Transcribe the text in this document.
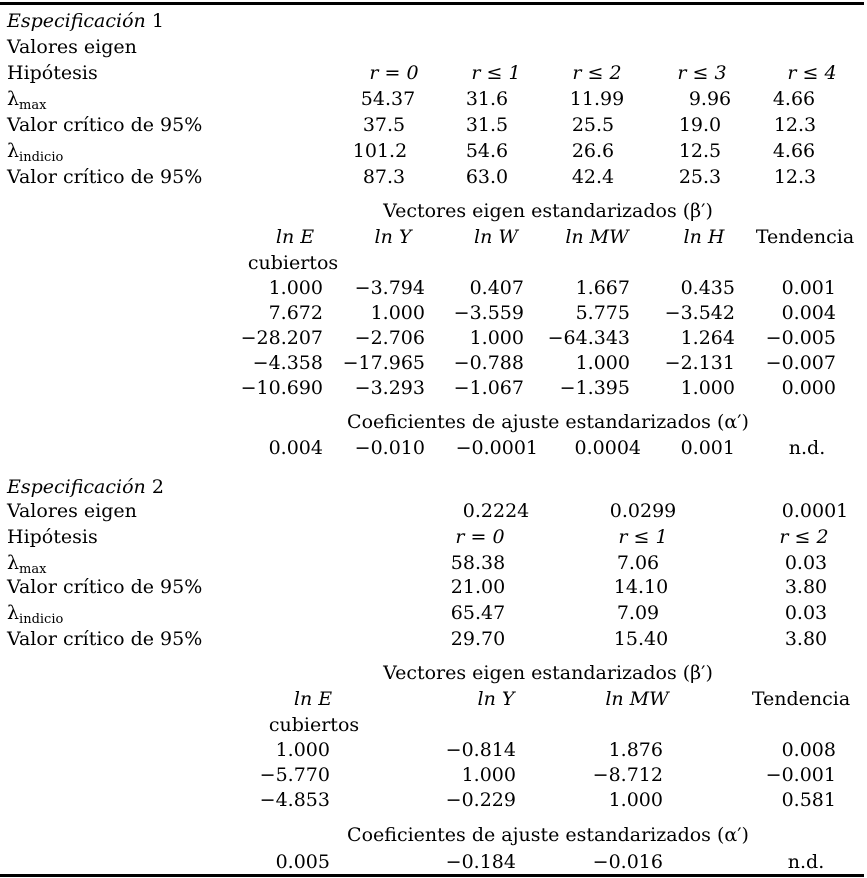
Especificación 1
Valores eigen
Hipótesis	r = 0	r ≤ 1	r ≤ 2	r ≤ 3	r ≤ 4
$\lambda_{max}$	54.37	31.6	11.99	9.96 4.66
Valor crítico de 95%	37.5	31.5	25.5	19.0	12.3
$\lambda_{indicio}$	101.2	54.6	26.6	12.5	4.66
Valor crítico de 95%	87.3	63.0	42.4	25.3	12.3
Vectores eigen estandarizados (β′)
ln E	ln Y	ln W ln MW	ln H Tendencia
cubiertos
1.000 −3.794 0.407	1.667	0.435 0.001
7.672	1.000 −3.559	5.775 −3.542 0.004
−28.207 −2.706 1.000 −64.343	1.264 −0.005
−4.358 −17.965 −0.788	1.000 −2.131 −0.007
−10.690 −3.293 −1.067 −1.395	1.000 0.000
Coeficientes de ajuste estandarizados (α′)
0.004 −0.010 −0.0001 0.0004 0.001	n.d.
Especificación 2
Valores eigen	0.2224	0.0299	0.0001
Hipótesis	r = 0	r ≤ 1	r ≤ 2
$\lambda_{max}$	58.38	7.06	0.03
Valor crítico de 95%	21.00	14.10	3.80
$\lambda_{indicio}$	65.47	7.09	0.03
Valor crítico de 95%	29.70	15.40	3.80
Vectores eigen estandarizados (β′)
ln E	ln Y	ln MW	Tendencia
cubiertos
1.000	−0.814	1.876	0.008
−5.770	1.000	−8.712	−0.001
−4.853	−0.229	1.000	0.581
Coeficientes de ajuste estandarizados (α′)
0.005	−0.184	−0.016	n.d.
